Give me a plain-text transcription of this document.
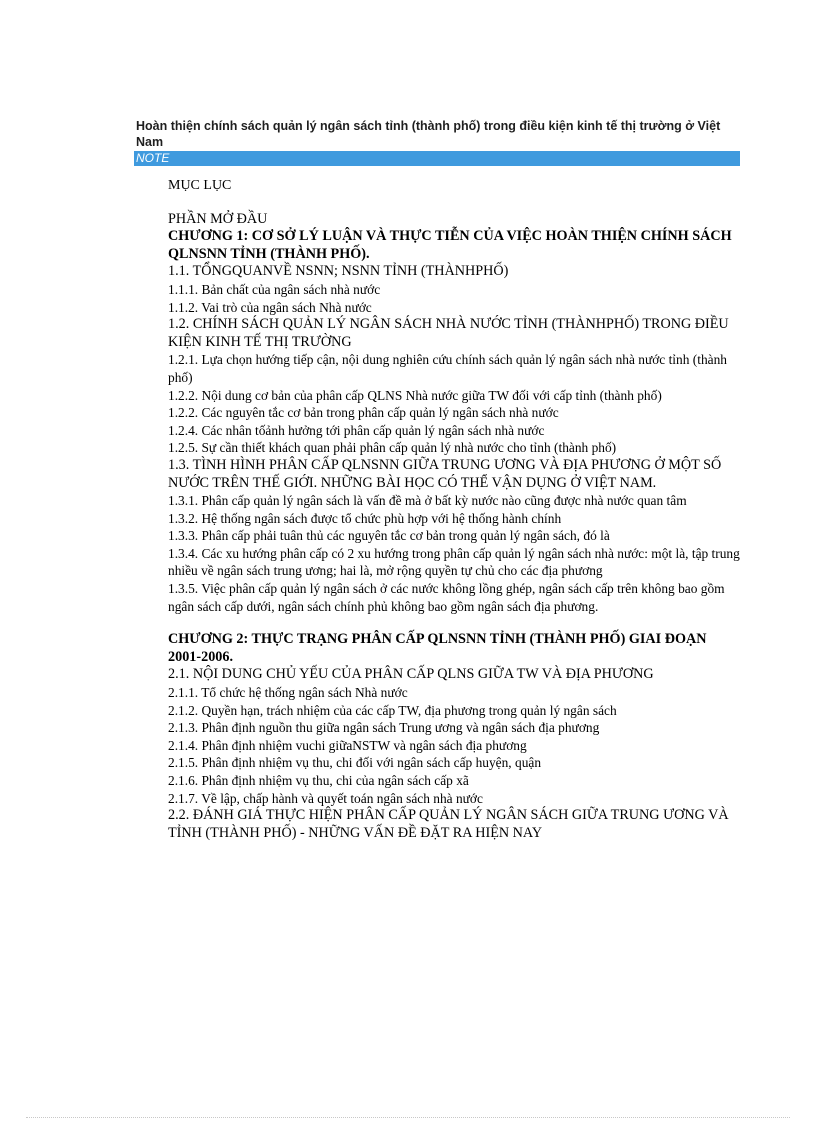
Hoàn thiện chính sách quản lý ngân sách tỉnh (thành phố) trong điều kiện kinh tế thị trường ở Việt Nam
NOTE

MỤC LỤC

PHẦN MỞ ĐẦU

CHƯƠNG 1: CƠ SỞ LÝ LUẬN VÀ THỰC TIỄN CỦA VIỆC HOÀN THIỆN CHÍNH SÁCH QLNSNN TỈNH (THÀNH PHỐ).

1.1. TỔNGQUANVỀ NSNN; NSNN TỈNH (THÀNHPHỐ)

1.1.1. Bản chất của ngân sách nhà nước

1.1.2. Vai trò của ngân sách Nhà nước

1.2. CHÍNH SÁCH QUẢN LÝ NGÂN SÁCH NHÀ NƯỚC TỈNH (THÀNHPHỐ) TRONG ĐIỀU KIỆN KINH TẾ THỊ TRƯỜNG

1.2.1. Lựa chọn hướng tiếp cận, nội dung nghiên cứu chính sách quản lý ngân sách nhà nước tỉnh (thành phố)

1.2.2. Nội dung cơ bản của phân cấp QLNS Nhà nước giữa TW đối với cấp tỉnh (thành phố)

1.2.2. Các nguyên tắc cơ bản trong phân cấp quản lý ngân sách nhà nước

1.2.4. Các nhân tốảnh hưởng tới phân cấp quản lý ngân sách nhà nước

1.2.5. Sự cần thiết khách quan phải phân cấp quản lý nhà nước cho tỉnh (thành phố)

1.3. TÌNH HÌNH PHÂN CẤP QLNSNN GIỮA TRUNG ƯƠNG VÀ ĐỊA PHƯƠNG Ở MỘT SỐ NƯỚC TRÊN THẾ GIỚI. NHỮNG BÀI HỌC CÓ THỂ VẬN DỤNG Ở VIỆT NAM.

1.3.1. Phân cấp quản lý ngân sách là vấn đề mà ở bất kỳ nước nào cũng được nhà nước quan tâm

1.3.2. Hệ thống ngân sách được tổ chức phù hợp với hệ thống hành chính

1.3.3. Phân cấp phải tuân thủ các nguyên tắc cơ bản trong quản lý ngân sách, đó là

1.3.4. Các xu hướng phân cấp có 2 xu hướng trong phân cấp quản lý ngân sách nhà nước: một là, tập trung nhiều về ngân sách trung ương; hai là, mở rộng quyền tự chủ cho các địa phương

1.3.5. Việc phân cấp quản lý ngân sách ở các nước không lồng ghép, ngân sách cấp trên không bao gồm ngân sách cấp dưới, ngân sách chính phủ không bao gồm ngân sách địa phương.

CHƯƠNG 2: THỰC TRẠNG PHÂN CẤP QLNSNN TỈNH (THÀNH PHỐ) GIAI ĐOẠN 2001-2006.

2.1. NỘI DUNG CHỦ YẾU CỦA PHÂN CẤP QLNS GIỮA TW VÀ ĐỊA PHƯƠNG

2.1.1. Tổ chức hệ thống ngân sách Nhà nước

2.1.2. Quyền hạn, trách nhiệm của các cấp TW, địa phương trong quản lý ngân sách

2.1.3. Phân định nguồn thu giữa ngân sách Trung ương và ngân sách địa phương

2.1.4. Phân định nhiệm vuchi giữaNSTW và ngân sách địa phương

2.1.5. Phân định nhiệm vụ thu, chi đối với ngân sách cấp huyện, quận

2.1.6. Phân định nhiệm vụ thu, chi của ngân sách cấp xã

2.1.7. Về lập, chấp hành và quyết toán ngân sách nhà nước

2.2. ĐÁNH GIÁ THỰC HIỆN PHÂN CẤP QUẢN LÝ NGÂN SÁCH GIỮA TRUNG ƯƠNG VÀ TỈNH (THÀNH PHỐ) - NHỮNG VẤN ĐỀ ĐẶT RA HIỆN NAY
